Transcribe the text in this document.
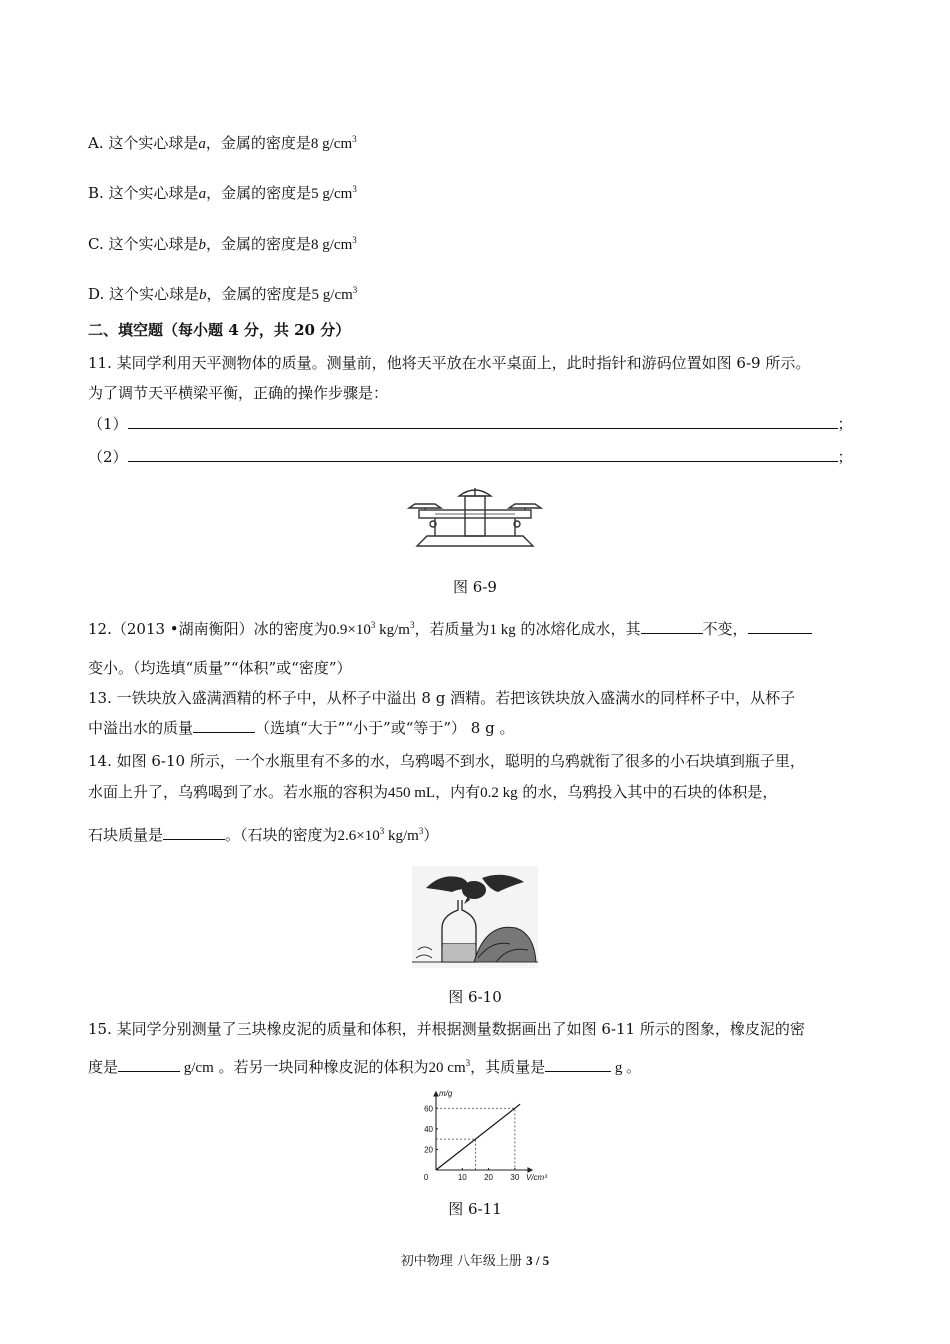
A. 这个实心球是a，金属的密度是8 $g/cm^3$
B. 这个实心球是a，金属的密度是5 $g/cm^3$
C. 这个实心球是b，金属的密度是8 $g/cm^3$
D. 这个实心球是b，金属的密度是5 $g/cm^3$
二、填空题（每小题 4 分，共 20 分）
11. 某同学利用天平测物体的质量。测量前，他将天平放在水平桌面上，此时指针和游码位置如图 6-9 所示。
为了调节天平横梁平衡，正确的操作步骤是：
（1）	；
（2）	；
图 6-9
12.（2013 •湖南衡阳）冰的密度为$0.9\times 10^3$ $kg/m^3$，若质量为1 kg 的冰熔化成水，其	不变，
变小。（均选填“质量”“体积”或“密度”）
13. 一铁块放入盛满酒精的杯子中，从杯子中溢出 8 g 酒精。若把该铁块放入盛满水的同样杯子中，从杯子
中溢出水的质量	（选填“大于”“小于”或“等于”） 8 g 。
14. 如图 6-10 所示，一个水瓶里有不多的水，乌鸦喝不到水，聪明的乌鸦就衔了很多的小石块填到瓶子里，
水面上升了，乌鸦喝到了水。若水瓶的容积为450 mL，内有0.2 kg 的水，乌鸦投入其中的石块的体积是，
石块质量是	。（石块的密度为$2.6\times 10^3$ $kg/m^3$）
图 6-10
15. 某同学分别测量了三块橡皮泥的质量和体积，并根据测量数据画出了如图 6-11 所示的图象，橡皮泥的密
度是	g/cm 。若另一块同种橡皮泥的体积为20 $cm^3$，其质量是	g 。
0	10 20 30
20
40
60
V/cm³
m/g
图 6-11
初中物理 八年级上册 3 / 5
